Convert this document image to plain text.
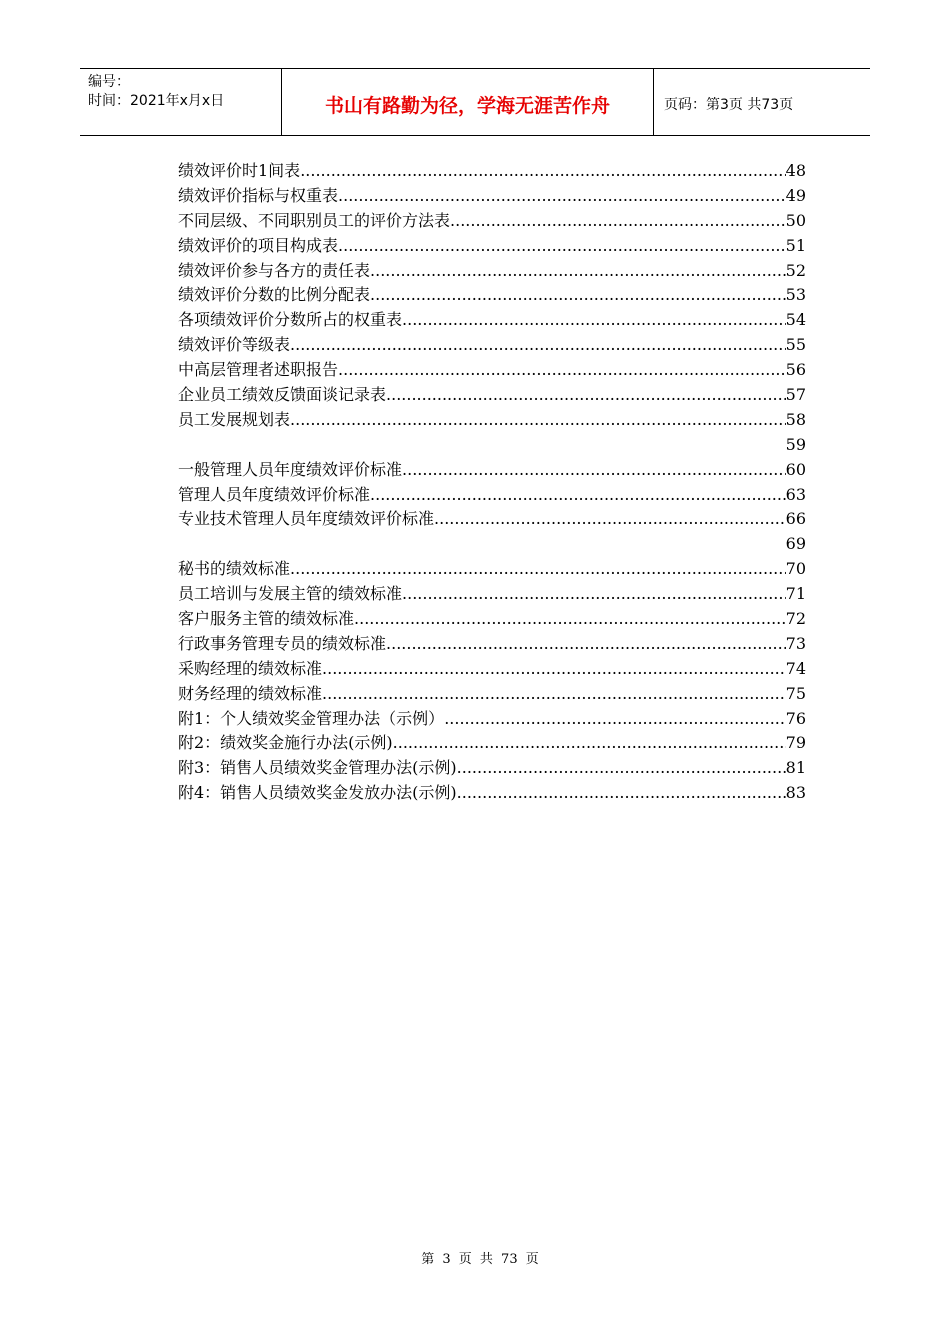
编号：
时间：2021年x月x日	书山有路勤为径，学海无涯苦作舟	页码：第3页 共73页
绩效评价时1间表 .....	48
绩效评价指标与权重表 .....	49
不同层级、不同职别员工的评价方法表 .....	50
绩效评价的项目构成表 .....	51
绩效评价参与各方的责任表 .....	52
绩效评价分数的比例分配表 .....	53
各项绩效评价分数所占的权重表 .....	54
绩效评价等级表 .....	55
中高层管理者述职报告 .....	56
企业员工绩效反馈面谈记录表 .....	57
员工发展规划表 .....	58
59
一般管理人员年度绩效评价标准 .....	60
管理人员年度绩效评价标准 .....	63
专业技术管理人员年度绩效评价标准 .....	66
69
秘书的绩效标准 .....	70
员工培训与发展主管的绩效标准 .....	71
客户服务主管的绩效标准 .....	72
行政事务管理专员的绩效标准 .....	73
采购经理的绩效标准 .....	74
财务经理的绩效标准 .....	75
附1：个人绩效奖金管理办法（示例） .....	76
附2：绩效奖金施行办法(示例) .....	79
附3：销售人员绩效奖金管理办法(示例) .....	81
附4：销售人员绩效奖金发放办法(示例) .....	83
第 3 页 共 73 页
